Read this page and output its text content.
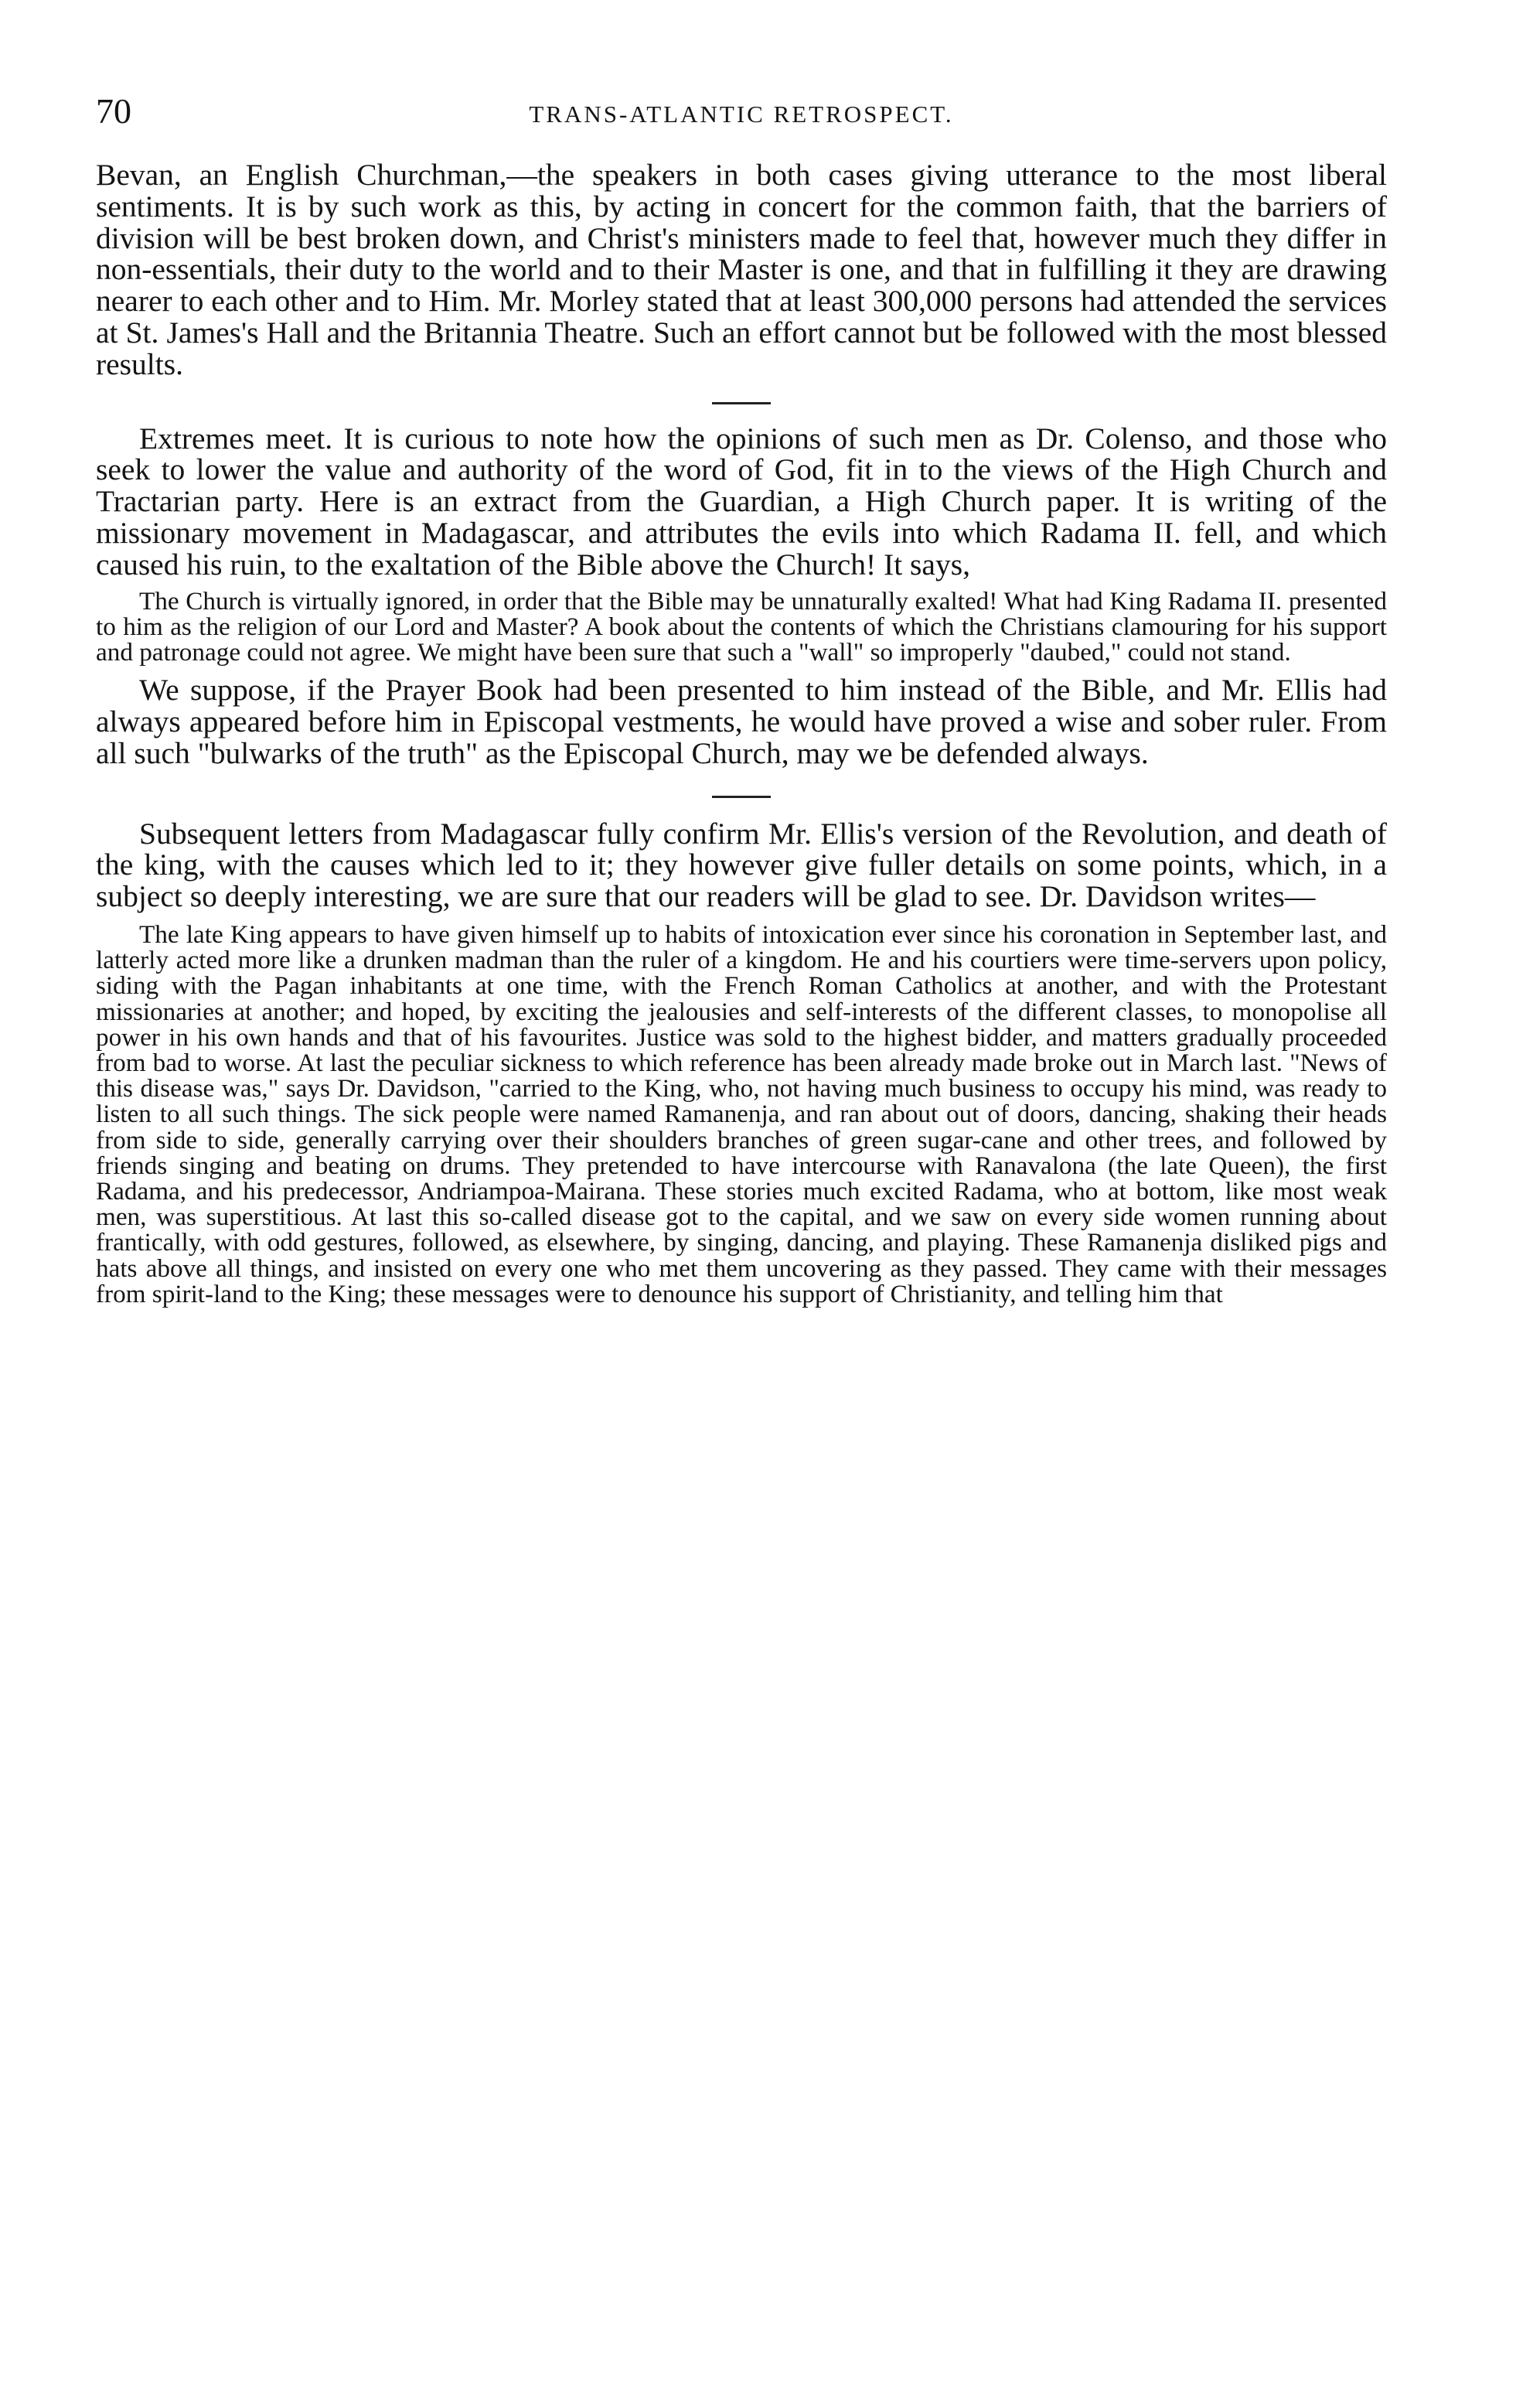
70	TRANS-ATLANTIC RETROSPECT.

Bevan, an English Churchman,—the speakers in both cases giving utterance to the most liberal sentiments. It is by such work as this, by acting in concert for the common faith, that the barriers of division will be best broken down, and Christ's ministers made to feel that, however much they differ in non-essentials, their duty to the world and to their Master is one, and that in fulfilling it they are drawing nearer to each other and to Him. Mr. Morley stated that at least 300,000 persons had attended the services at St. James's Hall and the Britannia Theatre. Such an effort cannot but be followed with the most blessed results.

Extremes meet. It is curious to note how the opinions of such men as Dr. Colenso, and those who seek to lower the value and authority of the word of God, fit in to the views of the High Church and Tractarian party. Here is an extract from the Guardian, a High Church paper. It is writing of the missionary movement in Madagascar, and attributes the evils into which Radama II. fell, and which caused his ruin, to the exaltation of the Bible above the Church! It says,

The Church is virtually ignored, in order that the Bible may be unnaturally exalted! What had King Radama II. presented to him as the religion of our Lord and Master? A book about the contents of which the Christians clamouring for his support and patronage could not agree. We might have been sure that such a "wall" so improperly "daubed," could not stand.

We suppose, if the Prayer Book had been presented to him instead of the Bible, and Mr. Ellis had always appeared before him in Episcopal vestments, he would have proved a wise and sober ruler. From all such "bulwarks of the truth" as the Episcopal Church, may we be defended always.

Subsequent letters from Madagascar fully confirm Mr. Ellis's version of the Revolution, and death of the king, with the causes which led to it; they however give fuller details on some points, which, in a subject so deeply interesting, we are sure that our readers will be glad to see. Dr. Davidson writes—

The late King appears to have given himself up to habits of intoxication ever since his coronation in September last, and latterly acted more like a drunken madman than the ruler of a kingdom. He and his courtiers were time-servers upon policy, siding with the Pagan inhabitants at one time, with the French Roman Catholics at another, and with the Protestant missionaries at another; and hoped, by exciting the jealousies and self-interests of the different classes, to monopolise all power in his own hands and that of his favourites. Justice was sold to the highest bidder, and matters gradually proceeded from bad to worse. At last the peculiar sickness to which reference has been already made broke out in March last. "News of this disease was," says Dr. Davidson, "carried to the King, who, not having much business to occupy his mind, was ready to listen to all such things. The sick people were named Ramanenja, and ran about out of doors, dancing, shaking their heads from side to side, generally carrying over their shoulders branches of green sugar-cane and other trees, and followed by friends singing and beating on drums. They pretended to have intercourse with Ranavalona (the late Queen), the first Radama, and his predecessor, Andriampoa-Mairana. These stories much excited Radama, who at bottom, like most weak men, was superstitious. At last this so-called disease got to the capital, and we saw on every side women running about frantically, with odd gestures, followed, as elsewhere, by singing, dancing, and playing. These Ramanenja disliked pigs and hats above all things, and insisted on every one who met them uncovering as they passed. They came with their messages from spirit-land to the King; these messages were to denounce his support of Christianity, and telling him that
